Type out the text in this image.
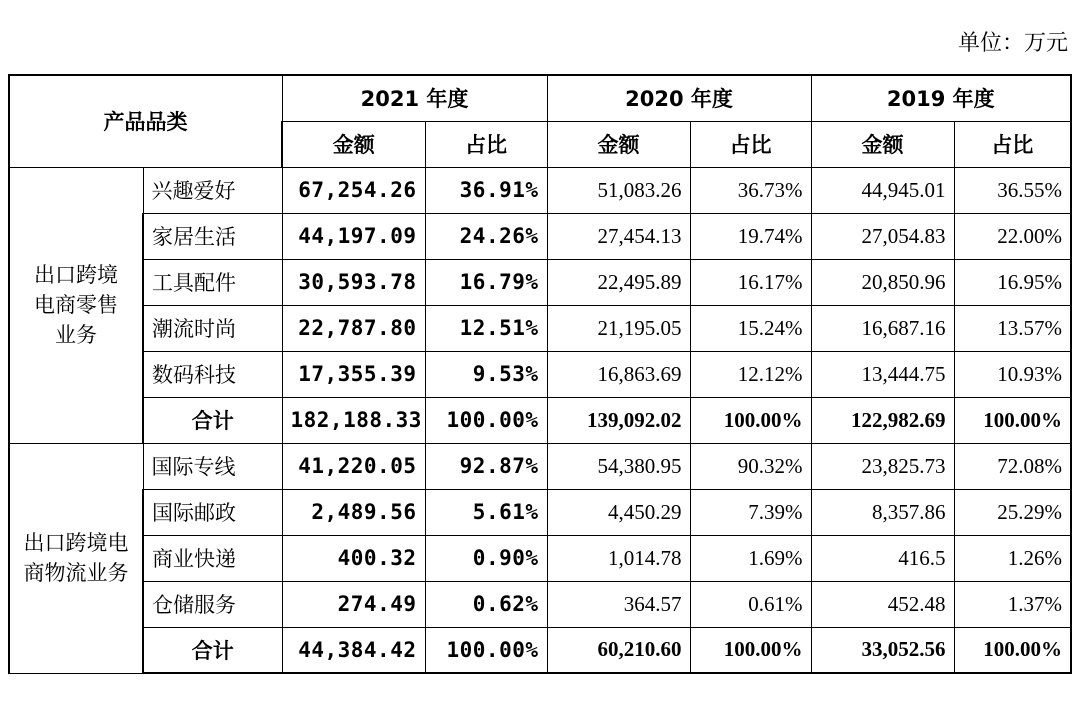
单位：万元
产品品类		2021 年度		2020 年度		2019 年度	
		金额	占比	金额	占比	金额	占比
出口跨境电商零售业务	兴趣爱好	67,254.26	36.91%	51,083.26	36.73%	44,945.01	36.55%
	家居生活	44,197.09	24.26%	27,454.13	19.74%	27,054.83	22.00%
	工具配件	30,593.78	16.79%	22,495.89	16.17%	20,850.96	16.95%
	潮流时尚	22,787.80	12.51%	21,195.05	15.24%	16,687.16	13.57%
	数码科技	17,355.39	9.53%	16,863.69	12.12%	13,444.75	10.93%
	合计	182,188.33	100.00%	139,092.02	100.00%	122,982.69	100.00%
出口跨境电商物流业务	国际专线	41,220.05	92.87%	54,380.95	90.32%	23,825.73	72.08%
	国际邮政	2,489.56	5.61%	4,450.29	7.39%	8,357.86	25.29%
	商业快递	400.32	0.90%	1,014.78	1.69%	416.5	1.26%
	仓储服务	274.49	0.62%	364.57	0.61%	452.48	1.37%
	合计	44,384.42	100.00%	60,210.60	100.00%	33,052.56	100.00%
